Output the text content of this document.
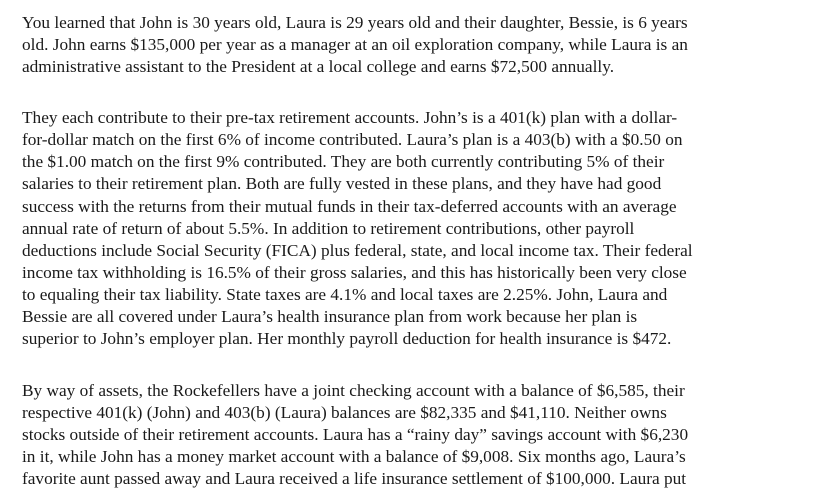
You learned that John is 30 years old, Laura is 29 years old and their daughter, Bessie, is 6 years
old. John earns $135,000 per year as a manager at an oil exploration company, while Laura is an
administrative assistant to the President at a local college and earns $72,500 annually.
They each contribute to their pre-tax retirement accounts. John’s is a 401(k) plan with a dollar-
for-dollar match on the first 6% of income contributed. Laura’s plan is a 403(b) with a $0.50 on
the $1.00 match on the first 9% contributed. They are both currently contributing 5% of their
salaries to their retirement plan. Both are fully vested in these plans, and they have had good
success with the returns from their mutual funds in their tax-deferred accounts with an average
annual rate of return of about 5.5%. In addition to retirement contributions, other payroll
deductions include Social Security (FICA) plus federal, state, and local income tax. Their federal
income tax withholding is 16.5% of their gross salaries, and this has historically been very close
to equaling their tax liability. State taxes are 4.1% and local taxes are 2.25%. John, Laura and
Bessie are all covered under Laura’s health insurance plan from work because her plan is
superior to John’s employer plan. Her monthly payroll deduction for health insurance is $472.
By way of assets, the Rockefellers have a joint checking account with a balance of $6,585, their
respective 401(k) (John) and 403(b) (Laura) balances are $82,335 and $41,110. Neither owns
stocks outside of their retirement accounts. Laura has a “rainy day” savings account with $6,230
in it, while John has a money market account with a balance of $9,008. Six months ago, Laura’s
favorite aunt passed away and Laura received a life insurance settlement of $100,000. Laura put
